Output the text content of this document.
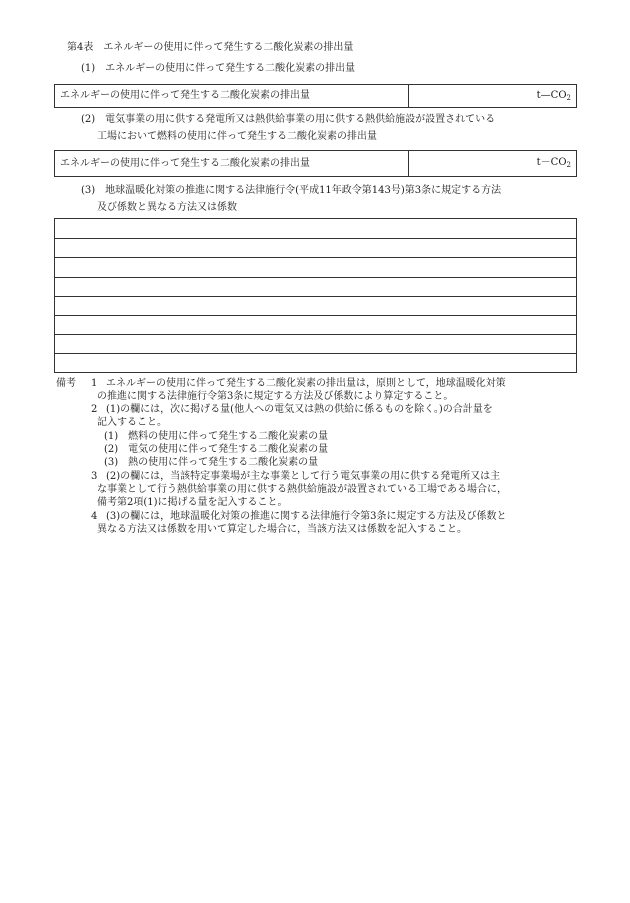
第4表　エネルギーの使用に伴って発生する二酸化炭素の排出量
(1)　エネルギーの使用に伴って発生する二酸化炭素の排出量
エネルギーの使用に伴って発生する二酸化炭素の排出量	$t—CO_2$
(2)　電気事業の用に供する発電所又は熱供給事業の用に供する熱供給施設が設置されている
工場において燃料の使用に伴って発生する二酸化炭素の排出量
エネルギーの使用に伴って発生する二酸化炭素の排出量	$t-CO_2$
(3)　地球温暖化対策の推進に関する法律施行令(平成11年政令第143号)第3条に規定する方法
及び係数と異なる方法又は係数
備考 1 エネルギーの使用に伴って発生する二酸化炭素の排出量は，原則として，地球温暖化対策
の推進に関する法律施行令第3条に規定する方法及び係数により算定すること。
2 (1)の欄には，次に掲げる量(他人への電気又は熱の供給に係るものを除く。)の合計量を
記入すること。
(1)　燃料の使用に伴って発生する二酸化炭素の量
(2)　電気の使用に伴って発生する二酸化炭素の量
(3)　熱の使用に伴って発生する二酸化炭素の量
3 (2)の欄には，当該特定事業場が主な事業として行う電気事業の用に供する発電所又は主
な事業として行う熱供給事業の用に供する熱供給施設が設置されている工場である場合に，
備考第2項(1)に掲げる量を記入すること。
4 (3)の欄には，地球温暖化対策の推進に関する法律施行令第3条に規定する方法及び係数と
異なる方法又は係数を用いて算定した場合に，当該方法又は係数を記入すること。
